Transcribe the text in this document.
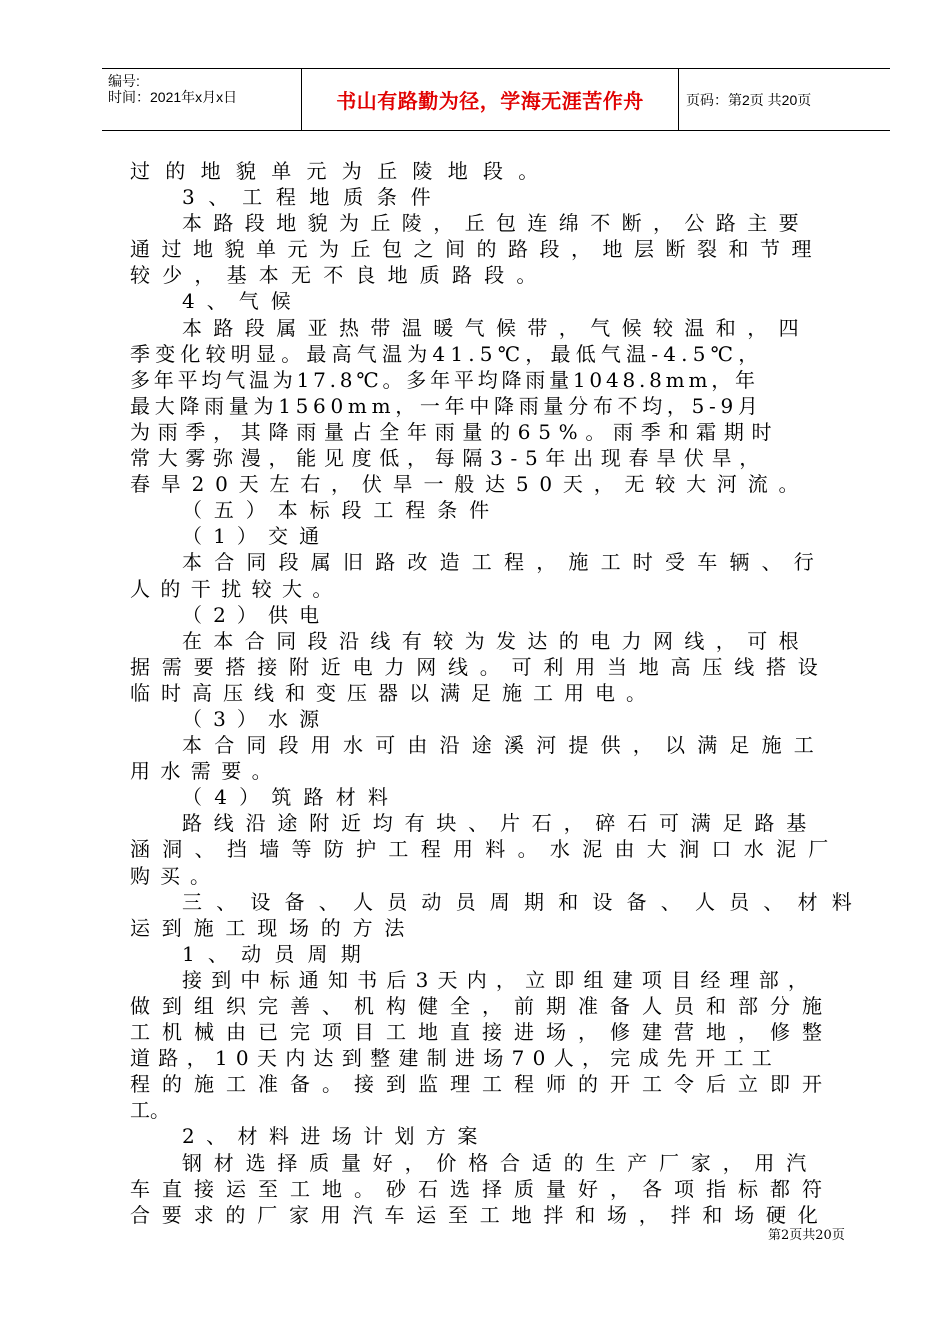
编号:
时间：2021年x月x日	书山有路勤为径，学海无涯苦作舟	页码：第2页 共20页
过的地貌单元为丘陵地段。
3、工程地质条件
本路段地貌为丘陵，丘包连绵不断，公路主要
通过地貌单元为丘包之间的路段，地层断裂和节理
较少，基本无不良地质路段。
4、气候
本路段属亚热带温暖气候带，气候较温和，四
季变化较明显。最高气温为41.5℃，最低气温-4.5℃，
多年平均气温为17.8℃。多年平均降雨量1048.8mm，年
最大降雨量为1560mm，一年中降雨量分布不均，5-9月
为雨季，其降雨量占全年雨量的65%。雨季和霜期时
常大雾弥漫，能见度低，每隔3-5年出现春旱伏旱，
春旱20天左右，伏旱一般达50天，无较大河流。
（五）本标段工程条件
（1）交通
本合同段属旧路改造工程，施工时受车辆、行
人的干扰较大。
（2）供电
在本合同段沿线有较为发达的电力网线，可根
据需要搭接附近电力网线。可利用当地高压线搭设
临时高压线和变压器以满足施工用电。
（3）水源
本合同段用水可由沿途溪河提供，以满足施工
用水需要。
（4）筑路材料
路线沿途附近均有块、片石，碎石可满足路基
涵洞、挡墙等防护工程用料。水泥由大涧口水泥厂
购买。
三、设备、人员动员周期和设备、人员、材料
运到施工现场的方法
1、动员周期
接到中标通知书后3天内，立即组建项目经理部，
做到组织完善、机构健全，前期准备人员和部分施
工机械由已完项目工地直接进场，修建营地，修整
道路，10天内达到整建制进场70人，完成先开工工
程的施工准备。接到监理工程师的开工令后立即开
工。
2、材料进场计划方案
钢材选择质量好，价格合适的生产厂家，用汽
车直接运至工地。砂石选择质量好，各项指标都符
合要求的厂家用汽车运至工地拌和场，拌和场硬化
第2页共20页
